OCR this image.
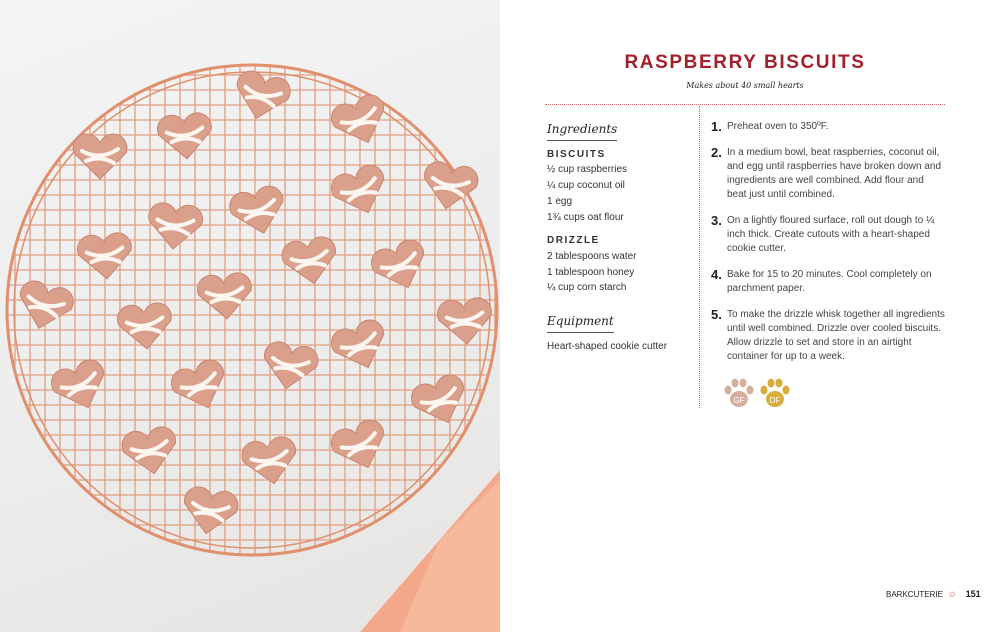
RASPBERRY BISCUITS
Makes about 40 small hearts
Ingredients
BISCUITS
½ cup raspberries
¼ cup coconut oil
1 egg
1¾ cups oat flour
DRIZZLE
2 tablespoons water
1 tablespoon honey
¼ cup corn starch
Equipment
Heart-shaped cookie cutter
1. Preheat oven to 350ºF.
2. In a medium bowl, beat raspberries, coconut oil, and egg until raspberries have broken down and ingredients are well combined. Add flour and beat just until combined.
3. On a lightly floured surface, roll out dough to ¼ inch thick. Create cutouts with a heart-shaped cookie cutter.
4. Bake for 15 to 20 minutes. Cool completely on parchment paper.
5. To make the drizzle whisk together all ingredients until well combined. Drizzle over cooled biscuits. Allow drizzle to set and store in an airtight container for up to a week.
GF	DF
BARKCUTERIE ✿ 151
